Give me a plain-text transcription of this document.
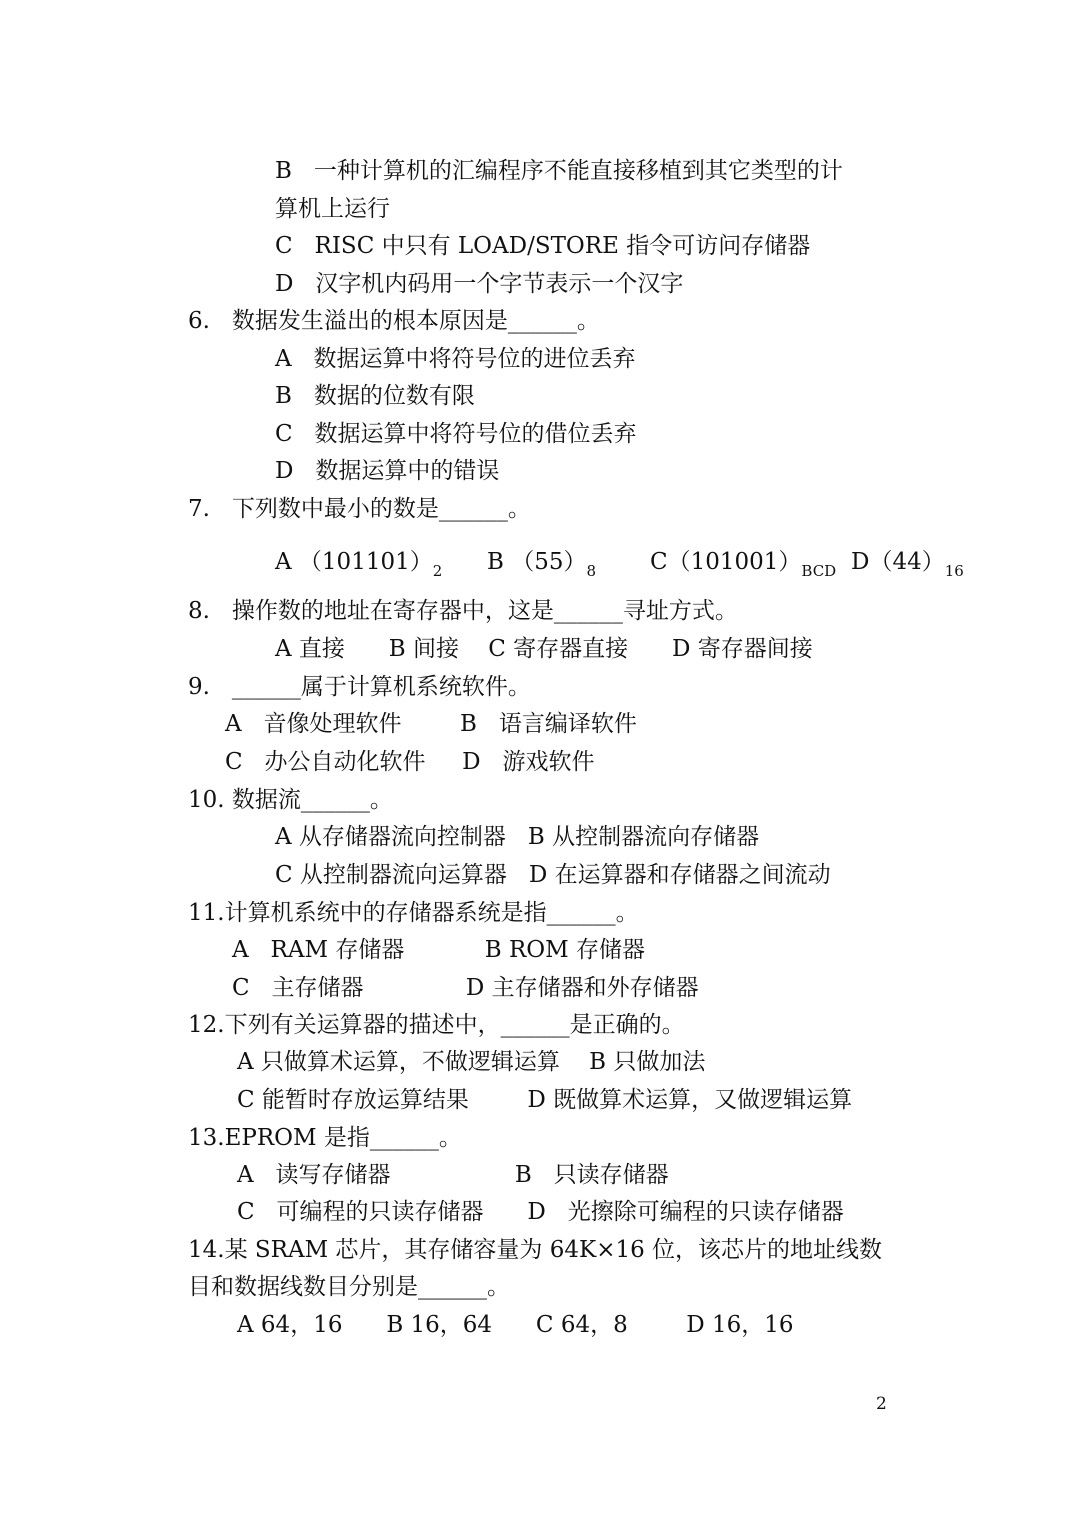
B   一种计算机的汇编程序不能直接移植到其它类型的计
算机上运行
C   RISC 中只有 LOAD/STORE 指令可访问存储器
D   汉字机内码用一个字节表示一个汉字
6.   数据发生溢出的根本原因是______。
A   数据运算中将符号位的进位丢弃
B   数据的位数有限
C   数据运算中将符号位的借位丢弃
D   数据运算中的错误
7.   下列数中最小的数是______。
A $(101101)_2$ B $(55)_8$ $C(101001)_{BCD}$ $D(44)_{16}$
8.   操作数的地址在寄存器中，这是______寻址方式。
A 直接      B 间接    C 寄存器直接      D 寄存器间接
9.   ______属于计算机系统软件。
A   音像处理软件        B   语言编译软件
C   办公自动化软件     D   游戏软件
10. 数据流______。
A 从存储器流向控制器   B 从控制器流向存储器
C 从控制器流向运算器   D 在运算器和存储器之间流动
11.计算机系统中的存储器系统是指______。
A   RAM 存储器           B ROM 存储器
C   主存储器              D 主存储器和外存储器
12.下列有关运算器的描述中，______是正确的。
A 只做算术运算，不做逻辑运算    B 只做加法
C 能暂时存放运算结果        D 既做算术运算，又做逻辑运算
13.EPROM 是指______。
A   读写存储器                 B   只读存储器
C   可编程的只读存储器      D   光擦除可编程的只读存储器
14.某 SRAM 芯片，其存储容量为 64K×16 位，该芯片的地址线数
目和数据线数目分别是______。
A 64，16      B 16，64      C 64，8        D 16，16
2
